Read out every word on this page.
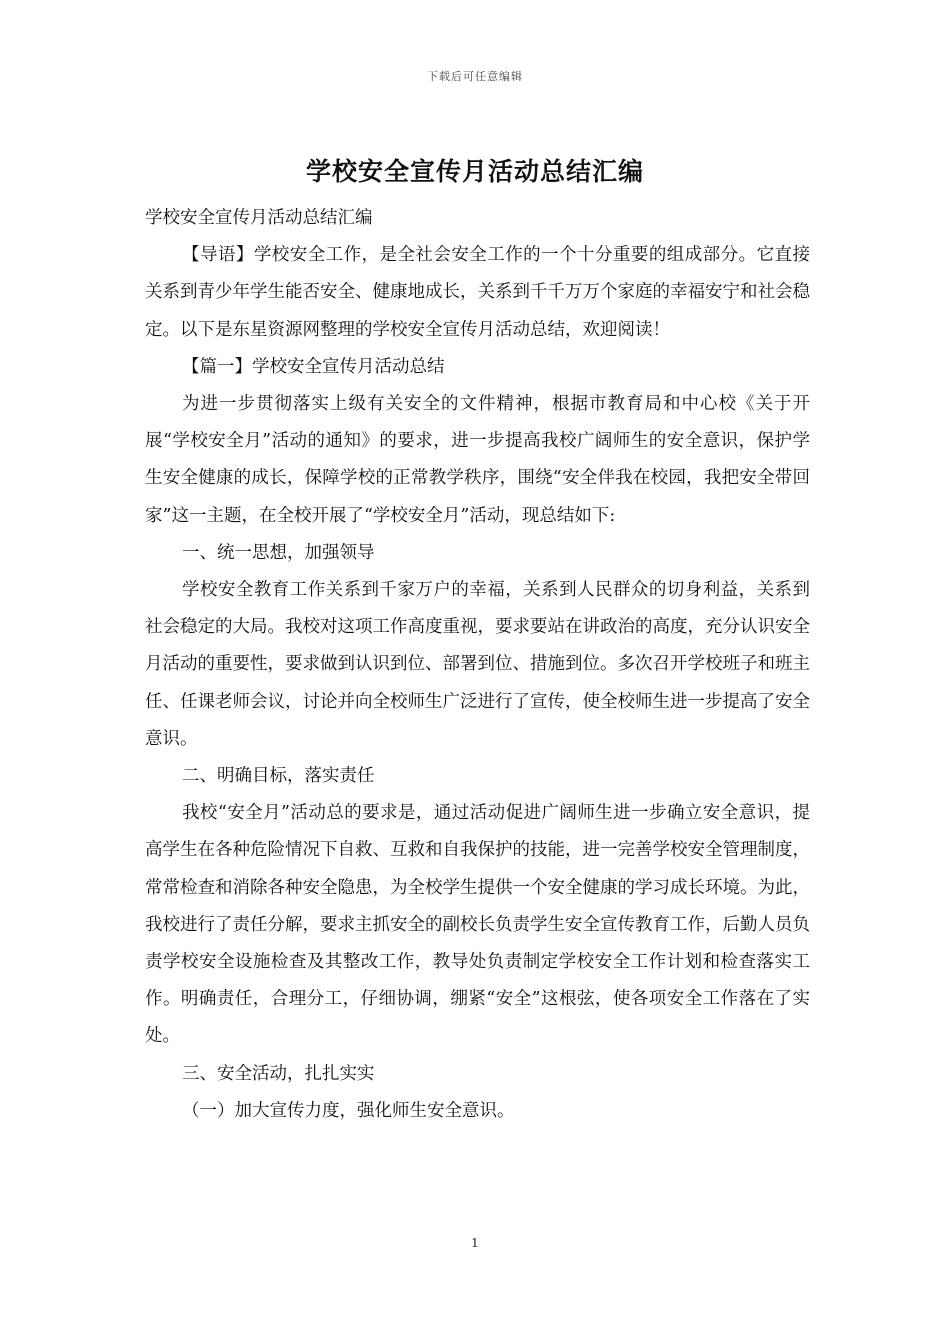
下载后可任意编辑
学校安全宣传月活动总结汇编

学校安全宣传月活动总结汇编

【导语】学校安全工作，是全社会安全工作的一个十分重要的组成部分。它直接关系到青少年学生能否安全、健康地成长，关系到千千万万个家庭的幸福安宁和社会稳定。以下是东星资源网整理的学校安全宣传月活动总结，欢迎阅读！

【篇一】学校安全宣传月活动总结

为进一步贯彻落实上级有关安全的文件精神，根据市教育局和中心校《关于开展“学校安全月”活动的通知》的要求，进一步提高我校广阔师生的安全意识，保护学生安全健康的成长，保障学校的正常教学秩序，围绕“安全伴我在校园，我把安全带回家”这一主题，在全校开展了“学校安全月”活动，现总结如下:

一、统一思想，加强领导

学校安全教育工作关系到千家万户的幸福，关系到人民群众的切身利益，关系到社会稳定的大局。我校对这项工作高度重视，要求要站在讲政治的高度，充分认识安全月活动的重要性，要求做到认识到位、部署到位、措施到位。多次召开学校班子和班主任、任课老师会议，讨论并向全校师生广泛进行了宣传，使全校师生进一步提高了安全意识。

二、明确目标，落实责任

我校“安全月”活动总的要求是，通过活动促进广阔师生进一步确立安全意识，提高学生在各种危险情况下自救、互救和自我保护的技能，进一完善学校安全管理制度，常常检查和消除各种安全隐患，为全校学生提供一个安全健康的学习成长环境。为此，我校进行了责任分解，要求主抓安全的副校长负责学生安全宣传教育工作，后勤人员负责学校安全设施检查及其整改工作，教导处负责制定学校安全工作计划和检查落实工作。明确责任，合理分工，仔细协调，绷紧“安全”这根弦，使各项安全工作落在了实处。

三、安全活动，扎扎实实

（一）加大宣传力度，强化师生安全意识。

1
